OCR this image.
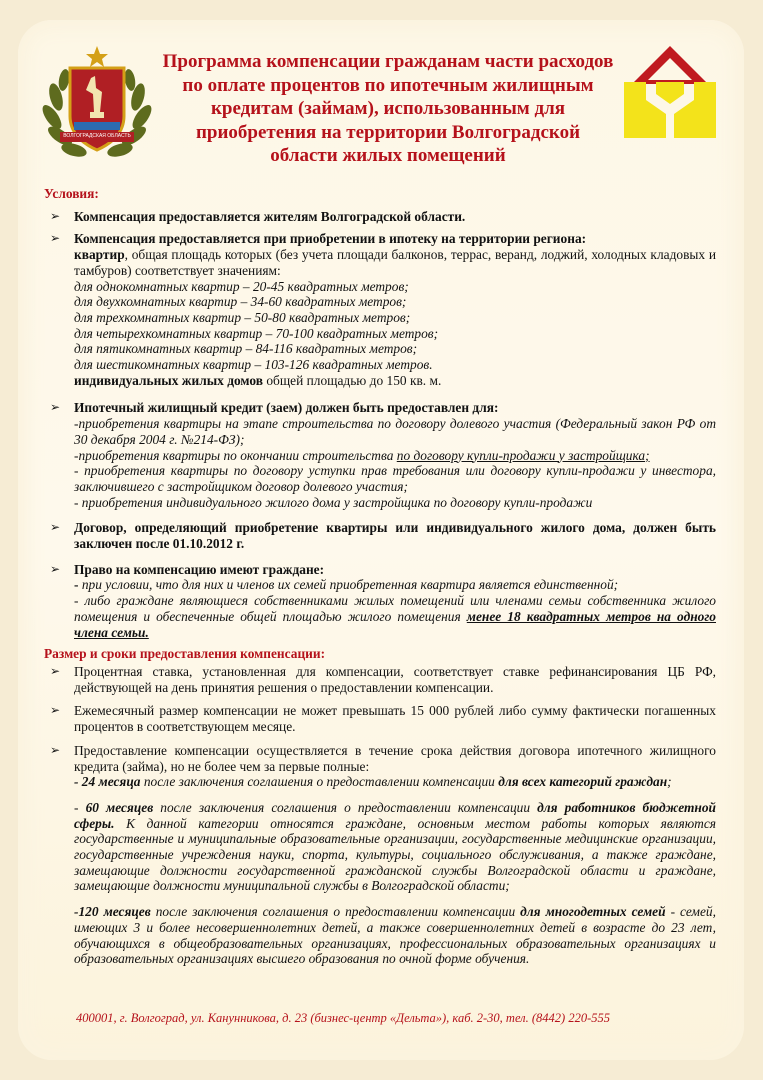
ВОЛГОГРАДСКАЯ ОБЛАСТЬ
Программа компенсации гражданам части расходов по оплате процентов по ипотечным жилищным кредитам (займам), использованным для приобретения на территории Волгоградской области жилых помещений

Условия:

➢ Компенсация предоставляется жителям Волгоградской области.

➢ Компенсация предоставляется при приобретении в ипотеку на территории региона:

квартир, общая площадь которых (без учета площади балконов, террас, веранд, лоджий, холодных кладовых и тамбуров) соответствует значениям:

для однокомнатных квартир – 20-45 квадратных метров;

для двухкомнатных квартир – 34-60 квадратных метров;

для трехкомнатных квартир – 50-80 квадратных метров;

для четырехкомнатных квартир – 70-100 квадратных метров;

для пятикомнатных квартир – 84-116 квадратных метров;

для шестикомнатных квартир – 103-126 квадратных метров.

индивидуальных жилых домов общей площадью до 150 кв. м.

➢ Ипотечный жилищный кредит (заем) должен быть предоставлен для:

-приобретения квартиры на этапе строительства по договору долевого участия (Федеральный закон РФ от 30 декабря 2004 г. №214-ФЗ);

-приобретения квартиры по окончании строительства по договору купли-продажи у застройщика;

- приобретения квартиры по договору уступки прав требования или договору купли-продажи у инвестора, заключившего с застройщиком договор долевого участия;

- приобретения индивидуального жилого дома у застройщика по договору купли-продажи

➢ Договор, определяющий приобретение квартиры или индивидуального жилого дома, должен быть заключен после 01.10.2012 г.

➢ Право на компенсацию имеют граждане:

- при условии, что для них и членов их семей приобретенная квартира является единственной;

- либо граждане являющиеся собственниками жилых помещений или членами семьи собственника жилого помещения и обеспеченные общей площадью жилого помещения менее 18 квадратных метров на одного члена семьи.

Размер и сроки предоставления компенсации:

➢ Процентная ставка, установленная для компенсации, соответствует ставке рефинансирования ЦБ РФ, действующей на день принятия решения о предоставлении компенсации.

➢ Ежемесячный размер компенсации не может превышать 15 000 рублей либо сумму фактически погашенных процентов в соответствующем месяце.

➢ Предоставление компенсации осуществляется в течение срока действия договора ипотечного жилищного кредита (займа), но не более чем за первые полные:

- 24 месяца после заключения соглашения о предоставлении компенсации для всех категорий граждан;

- 60 месяцев после заключения соглашения о предоставлении компенсации для работников бюджетной сферы. К данной категории относятся граждане, основным местом работы которых являются государственные и муниципальные образовательные организации, государственные медицинские организации, государственные учреждения науки, спорта, культуры, социального обслуживания, а также граждане, замещающие должности государственной гражданской службы Волгоградской области и граждане, замещающие должности муниципальной службы в Волгоградской области;

-120 месяцев после заключения соглашения о предоставлении компенсации для многодетных семей - семей, имеющих 3 и более несовершеннолетних детей, а также совершеннолетних детей в возрасте до 23 лет, обучающихся в общеобразовательных организациях, профессиональных образовательных организациях и образовательных организациях высшего образования по очной форме обучения.

400001, г. Волгоград, ул. Канунникова, д. 23 (бизнес-центр «Дельта»), каб. 2-30, тел. (8442) 220-555
